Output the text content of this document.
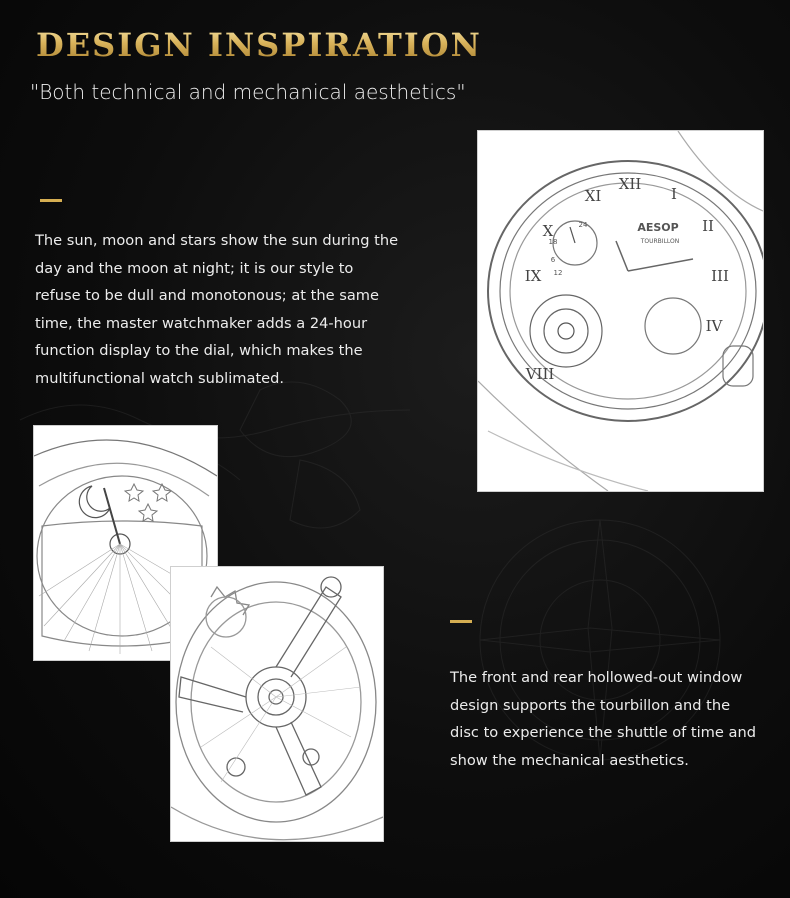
DESIGN INSPIRATION

"Both technical and mechanical aesthetics"

The sun, moon and stars show the sun during the day and the moon at night; it is our style to refuse to be dull and monotonous; at the same time, the master watchmaker adds a 24-hour function display to the dial, which makes the multifunctional watch sublimated.

The front and rear hollowed-out window design supports the tourbillon and the disc to experience the shuttle of time and show the mechanical aesthetics.

XII
I
II
III
IX
XI
X
IV
VIII
18
24
6
12
AESOP
TOURBILLON
